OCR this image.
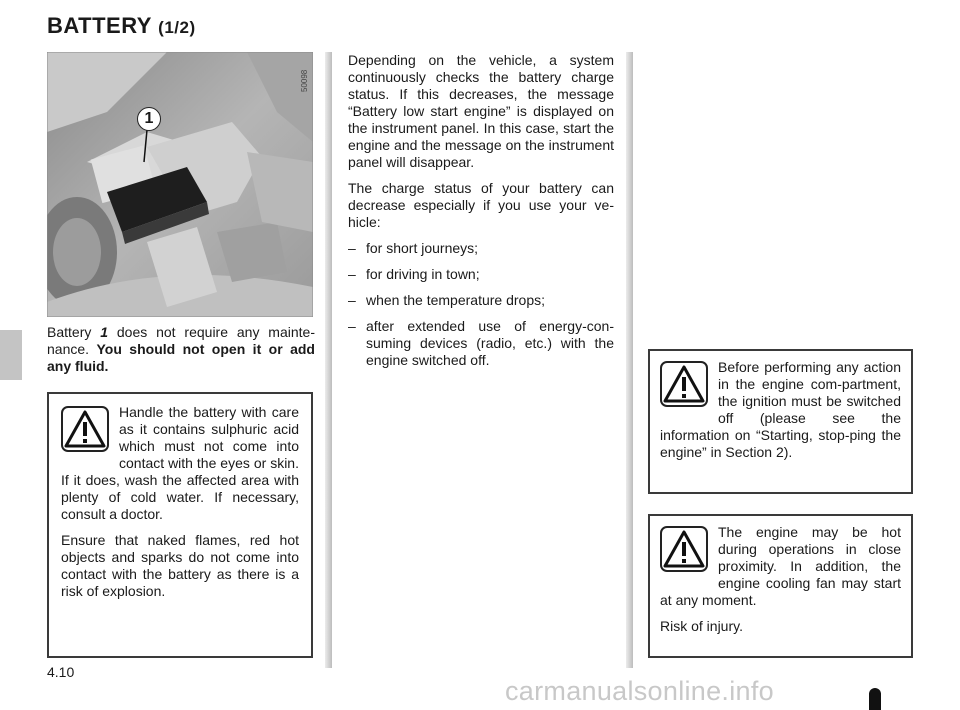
BATTERY (1/2)
50098
1
Battery 1 does not require any mainte-nance. You should not open it or add any fluid.

Handle the battery with care as it contains sulphuric acid which must not come into contact with the eyes or skin. If it does, wash the affected area with plenty of cold water. If necessary, consult a doctor.

Ensure that naked flames, red hot objects and sparks do not come into contact with the battery as there is a risk of explosion.

Depending on the vehicle, a system continuously checks the battery charge status. If this decreases, the message “Battery low start engine” is displayed on the instrument panel. In this case, start the engine and the message on the instrument panel will disappear.

The charge status of your battery can decrease especially if you use your ve-hicle:

– for short journeys;
– for driving in town;
– when the temperature drops;
– after extended use of energy-con-suming devices (radio, etc.) with the engine switched off.	Before performing any action in the engine com-partment, the ignition must be switched off (please see the information on “Starting, stop-ping the engine” in Section 2).

The engine may be hot during operations in close proximity. In addition, the engine cooling fan may start at any moment.

Risk of injury.

4.10
carmanualsonline.info
